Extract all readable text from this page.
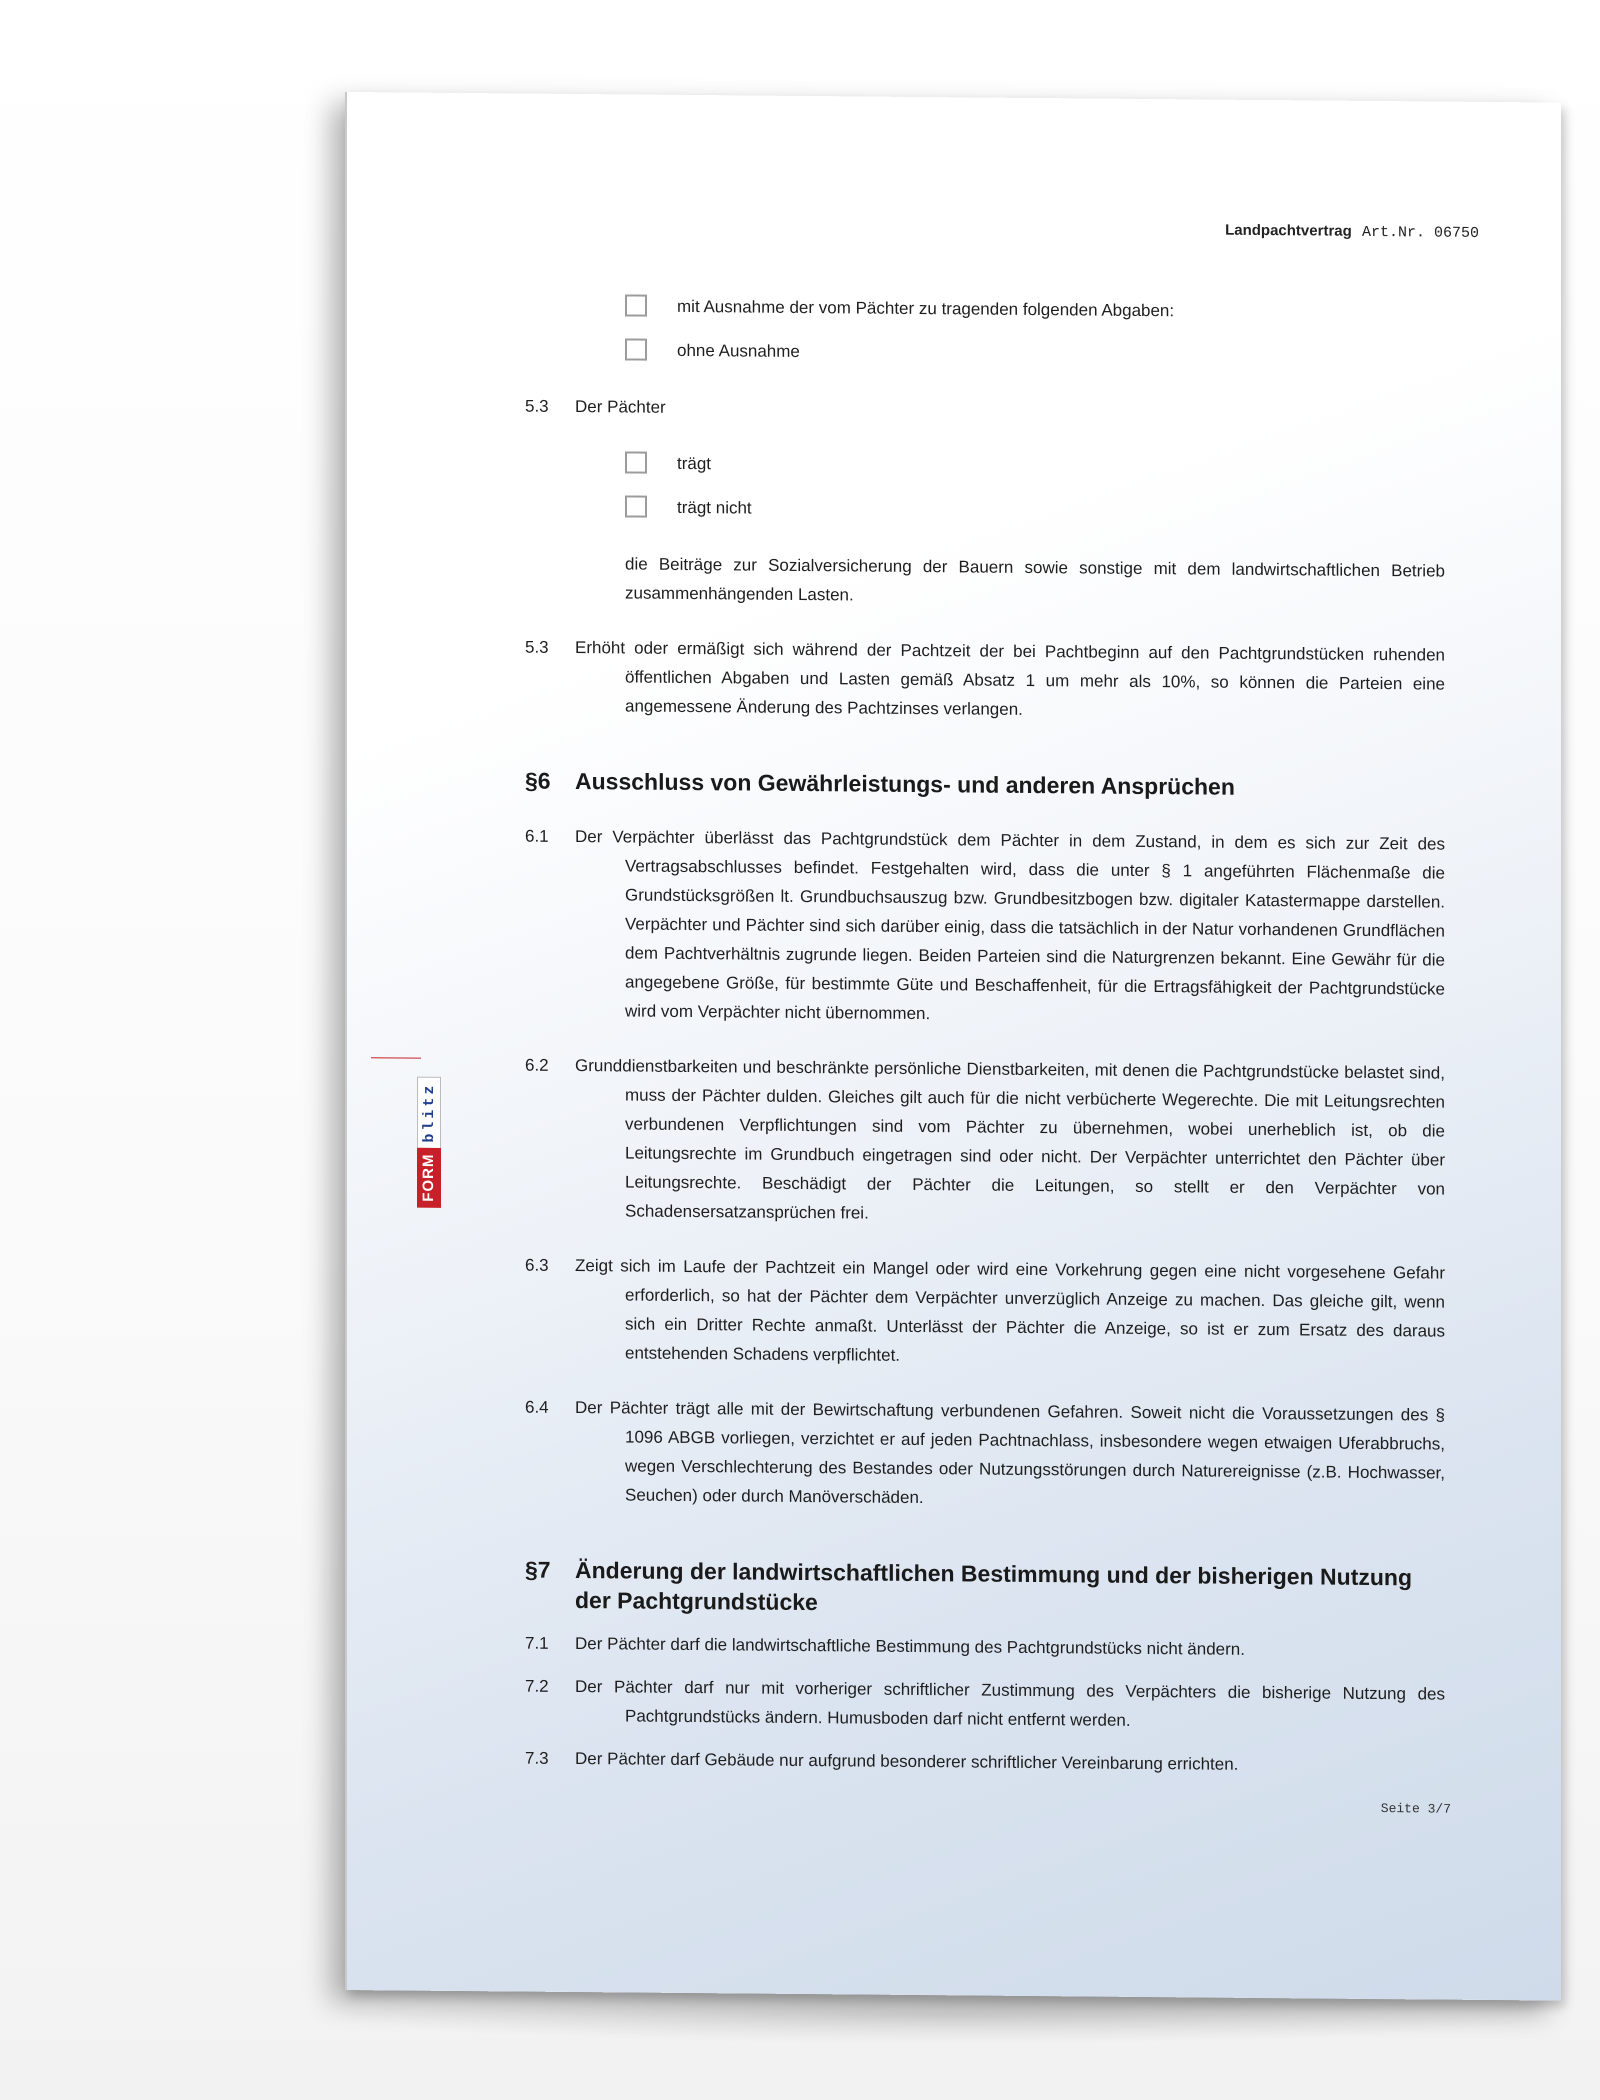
Landpachtvertrag Art.Nr. 06750
FORM
blitz
mit Ausnahme der vom Pächter zu tragenden folgenden Abgaben:
ohne Ausnahme
5.3	Der Pächter
trägt
trägt nicht
die Beiträge zur Sozialversicherung der Bauern sowie sonstige mit dem landwirtschaftlichen Betrieb zusammenhängenden Lasten.
5.3	Erhöht oder ermäßigt sich während der Pachtzeit der bei Pachtbeginn auf den Pachtgrundstücken ruhenden öffentlichen Abgaben und Lasten gemäß Absatz 1 um mehr als 10%, so können die Parteien eine angemessene Änderung des Pachtzinses verlangen.
§6 Ausschluss von Gewährleistungs- und anderen Ansprüchen
6.1	Der Verpächter überlässt das Pachtgrundstück dem Pächter in dem Zustand, in dem es sich zur Zeit des Vertragsabschlusses befindet. Festgehalten wird, dass die unter § 1 angeführten Flächenmaße die Grundstücksgrößen lt. Grundbuchsauszug bzw. Grundbesitzbogen bzw. digitaler Katastermappe darstellen. Verpächter und Pächter sind sich darüber einig, dass die tatsächlich in der Natur vorhandenen Grundflächen dem Pachtverhältnis zugrunde liegen. Beiden Parteien sind die Naturgrenzen bekannt. Eine Gewähr für die angegebene Größe, für bestimmte Güte und Beschaffenheit, für die Ertragsfähigkeit der Pachtgrundstücke wird vom Verpächter nicht übernommen.
6.2	Grunddienstbarkeiten und beschränkte persönliche Dienstbarkeiten, mit denen die Pachtgrundstücke belastet sind, muss der Pächter dulden. Gleiches gilt auch für die nicht verbücherte Wegerechte. Die mit Leitungsrechten verbundenen Verpflichtungen sind vom Pächter zu übernehmen, wobei unerheblich ist, ob die Leitungsrechte im Grundbuch eingetragen sind oder nicht. Der Verpächter unterrichtet den Pächter über Leitungsrechte. Beschädigt der Pächter die Leitungen, so stellt er den Verpächter von Schadensersatzansprüchen frei.
6.3	Zeigt sich im Laufe der Pachtzeit ein Mangel oder wird eine Vorkehrung gegen eine nicht vorgesehene Gefahr erforderlich, so hat der Pächter dem Verpächter unverzüglich Anzeige zu machen. Das gleiche gilt, wenn sich ein Dritter Rechte anmaßt. Unterlässt der Pächter die Anzeige, so ist er zum Ersatz des daraus entstehenden Schadens verpflichtet.
6.4	Der Pächter trägt alle mit der Bewirtschaftung verbundenen Gefahren. Soweit nicht die Voraussetzungen des § 1096 ABGB vorliegen, verzichtet er auf jeden Pachtnachlass, insbesondere wegen etwaigen Uferabbruchs, wegen Verschlechterung des Bestandes oder Nutzungsstörungen durch Naturereignisse (z.B. Hochwasser, Seuchen) oder durch Manöverschäden.
§7 Änderung der landwirtschaftlichen Bestimmung und der bisherigen Nutzung der Pachtgrundstücke
7.1	Der Pächter darf die landwirtschaftliche Bestimmung des Pachtgrundstücks nicht ändern.
7.2	Der Pächter darf nur mit vorheriger schriftlicher Zustimmung des Verpächters die bisherige Nutzung des Pachtgrundstücks ändern. Humusboden darf nicht entfernt werden.
7.3	Der Pächter darf Gebäude nur aufgrund besonderer schriftlicher Vereinbarung errichten.
Seite 3/7
